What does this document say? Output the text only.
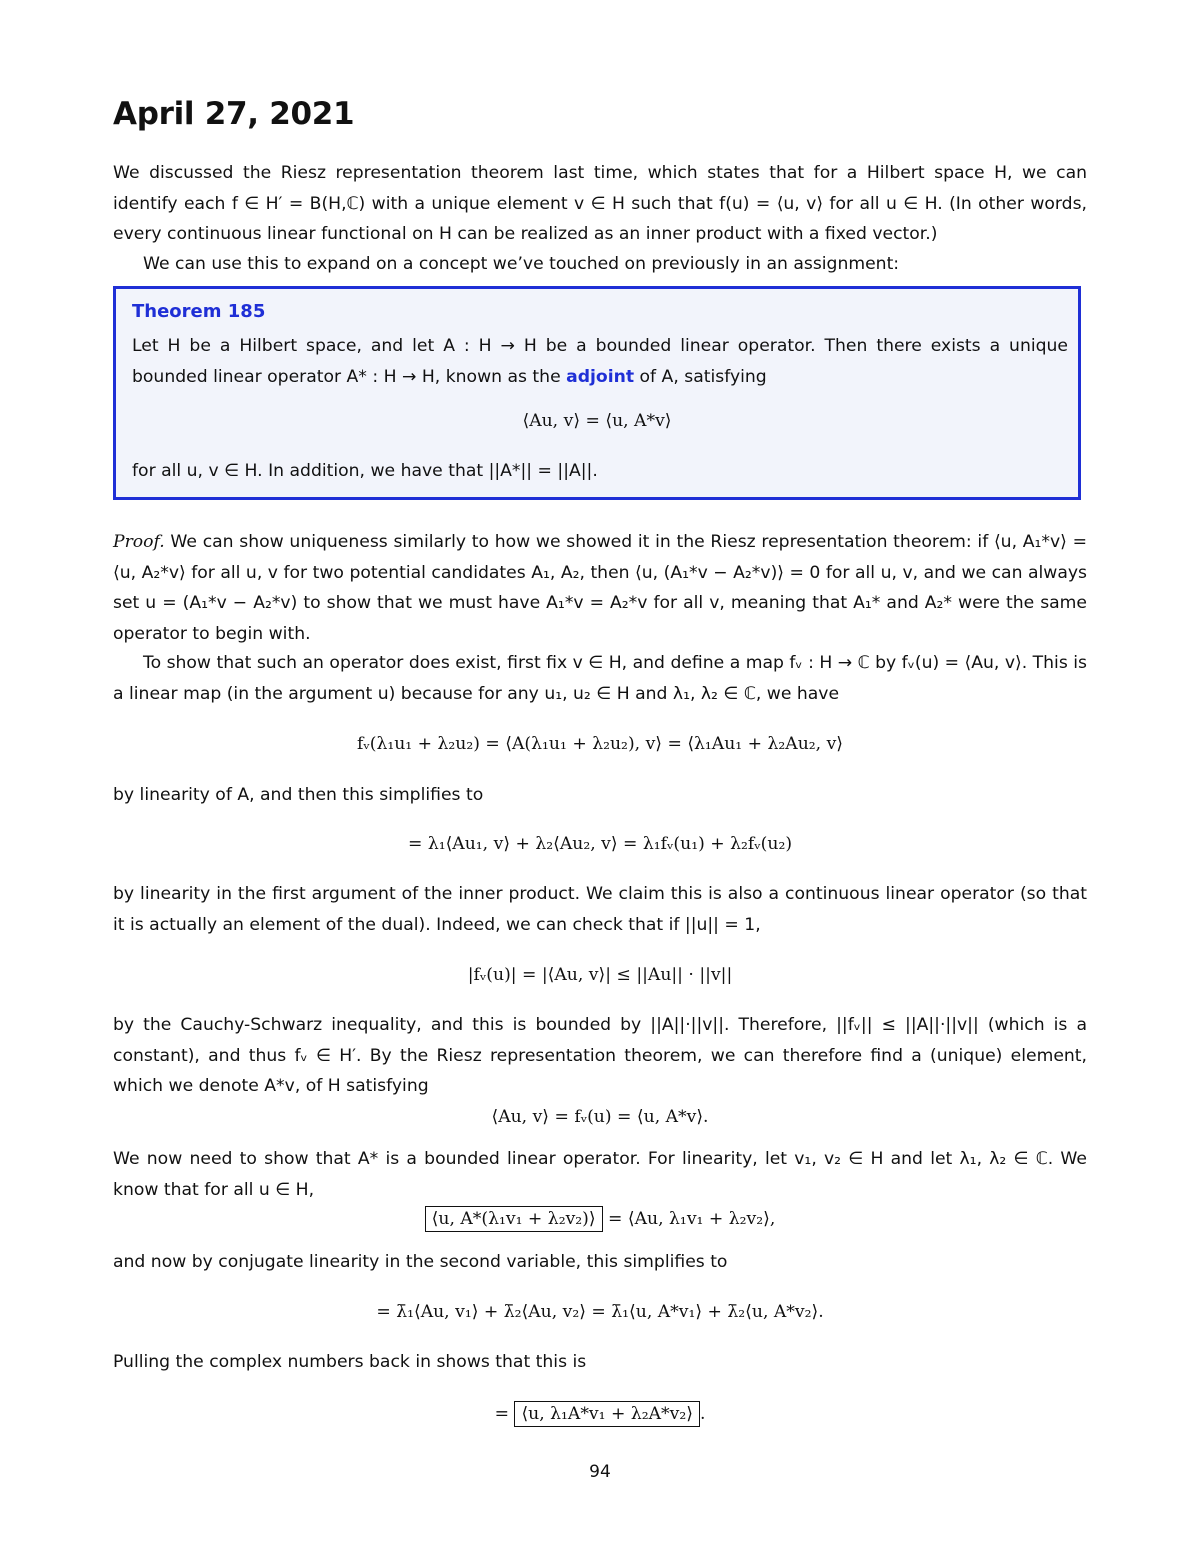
April 27, 2021

We discussed the Riesz representation theorem last time, which states that for a Hilbert space H, we can identify each f ∈ H′ = B(H,ℂ) with a unique element v ∈ H such that f(u) = ⟨u, v⟩ for all u ∈ H. (In other words, every continuous linear functional on H can be realized as an inner product with a fixed vector.)

We can use this to expand on a concept we’ve touched on previously in an assignment:

Theorem 185

Let H be a Hilbert space, and let A : H → H be a bounded linear operator. Then there exists a unique bounded linear operator A* : H → H, known as the adjoint of A, satisfying

⟨Au, v⟩ = ⟨u, A*v⟩
for all u, v ∈ H. In addition, we have that ||A*|| = ||A||.

Proof. We can show uniqueness similarly to how we showed it in the Riesz representation theorem: if ⟨u, A₁*v⟩ = ⟨u, A₂*v⟩ for all u, v for two potential candidates A₁, A₂, then ⟨u, (A₁*v − A₂*v)⟩ = 0 for all u, v, and we can always set u = (A₁*v − A₂*v) to show that we must have A₁*v = A₂*v for all v, meaning that A₁* and A₂* were the same operator to begin with.

To show that such an operator does exist, first fix v ∈ H, and define a map fᵥ : H → ℂ by fᵥ(u) = ⟨Au, v⟩. This is a linear map (in the argument u) because for any u₁, u₂ ∈ H and λ₁, λ₂ ∈ ℂ, we have

fᵥ(λ₁u₁ + λ₂u₂) = ⟨A(λ₁u₁ + λ₂u₂), v⟩ = ⟨λ₁Au₁ + λ₂Au₂, v⟩

by linearity of A, and then this simplifies to

= λ₁⟨Au₁, v⟩ + λ₂⟨Au₂, v⟩ = λ₁fᵥ(u₁) + λ₂fᵥ(u₂)

by linearity in the first argument of the inner product. We claim this is also a continuous linear operator (so that it is actually an element of the dual). Indeed, we can check that if ||u|| = 1,

|fᵥ(u)| = |⟨Au, v⟩| ≤ ||Au|| · ||v||

by the Cauchy-Schwarz inequality, and this is bounded by ||A||·||v||. Therefore, ||fᵥ|| ≤ ||A||·||v|| (which is a constant), and thus fᵥ ∈ H′. By the Riesz representation theorem, we can therefore find a (unique) element, which we denote A*v, of H satisfying

⟨Au, v⟩ = fᵥ(u) = ⟨u, A*v⟩.

We now need to show that A* is a bounded linear operator. For linearity, let v₁, v₂ ∈ H and let λ₁, λ₂ ∈ ℂ. We know that for all u ∈ H,

⟨u, A*(λ₁v₁ + λ₂v₂)⟩ = ⟨Au, λ₁v₁ + λ₂v₂⟩,

and now by conjugate linearity in the second variable, this simplifies to

= λ̄₁⟨Au, v₁⟩ + λ̄₂⟨Au, v₂⟩ = λ̄₁⟨u, A*v₁⟩ + λ̄₂⟨u, A*v₂⟩.

Pulling the complex numbers back in shows that this is

= ⟨u, λ₁A*v₁ + λ₂A*v₂⟩ .
94
